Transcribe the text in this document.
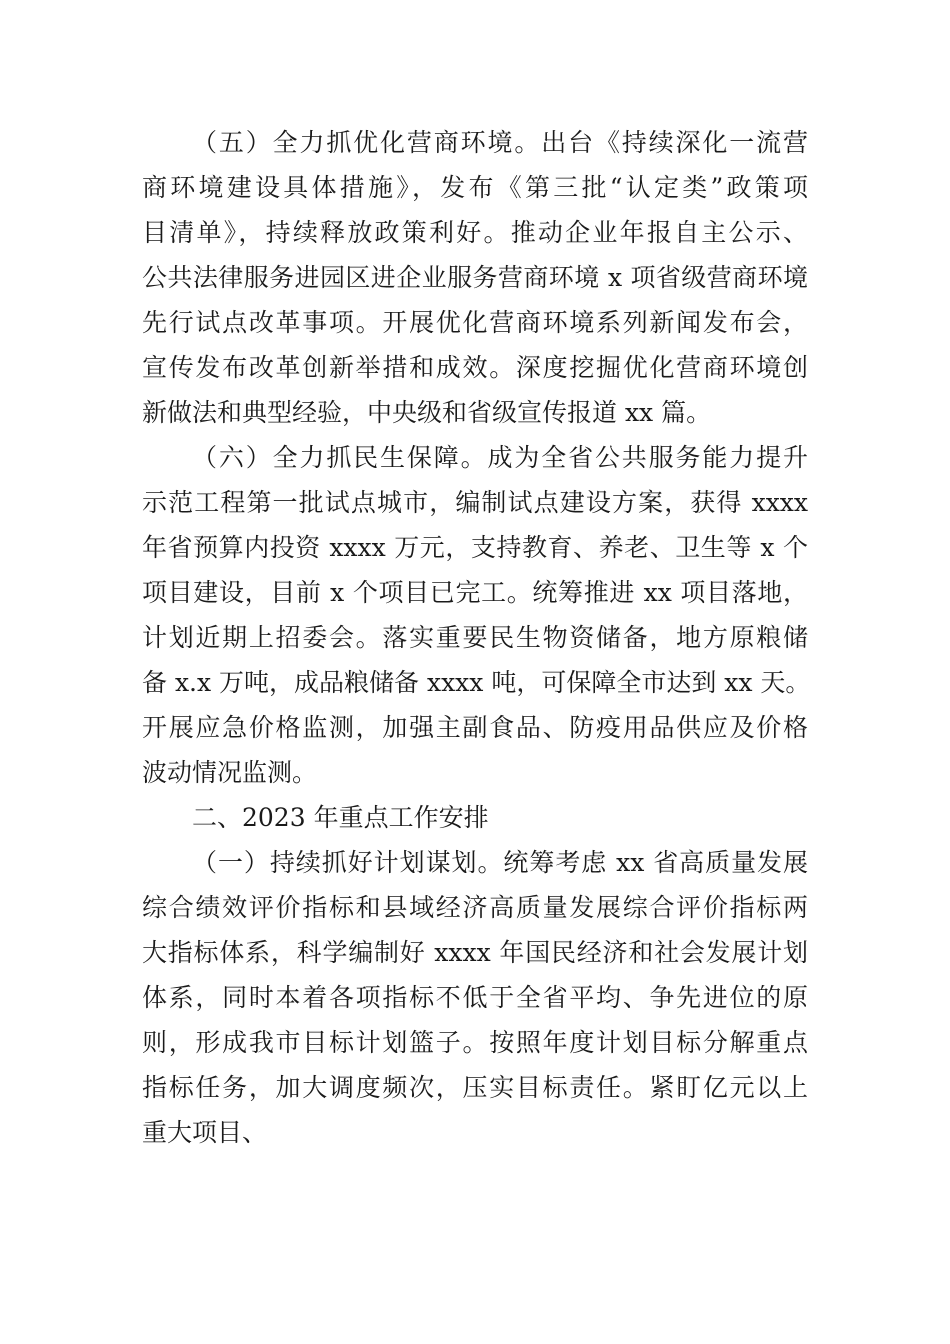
（五）全力抓优化营商环境。出台《持续深化一流营
商环境建设具体措施》，发布《第三批“认定类”政策项
目清单》，持续释放政策利好。推动企业年报自主公示、
公共法律服务进园区进企业服务营商环境 x 项省级营商环境
先行试点改革事项。开展优化营商环境系列新闻发布会，
宣传发布改革创新举措和成效。深度挖掘优化营商环境创
新做法和典型经验，中央级和省级宣传报道 xx 篇。
（六）全力抓民生保障。成为全省公共服务能力提升
示范工程第一批试点城市，编制试点建设方案，获得 xxxx
年省预算内投资 xxxx 万元，支持教育、养老、卫生等 x 个
项目建设，目前 x 个项目已完工。统筹推进 xx 项目落地，
计划近期上招委会。落实重要民生物资储备，地方原粮储
备 x.x 万吨，成品粮储备 xxxx 吨，可保障全市达到 xx 天。
开展应急价格监测，加强主副食品、防疫用品供应及价格
波动情况监测。
二、2023 年重点工作安排
（一）持续抓好计划谋划。统筹考虑 xx 省高质量发展
综合绩效评价指标和县域经济高质量发展综合评价指标两
大指标体系，科学编制好 xxxx 年国民经济和社会发展计划
体系，同时本着各项指标不低于全省平均、争先进位的原
则，形成我市目标计划篮子。按照年度计划目标分解重点
指标任务，加大调度频次，压实目标责任。紧盯亿元以上
重大项目、
